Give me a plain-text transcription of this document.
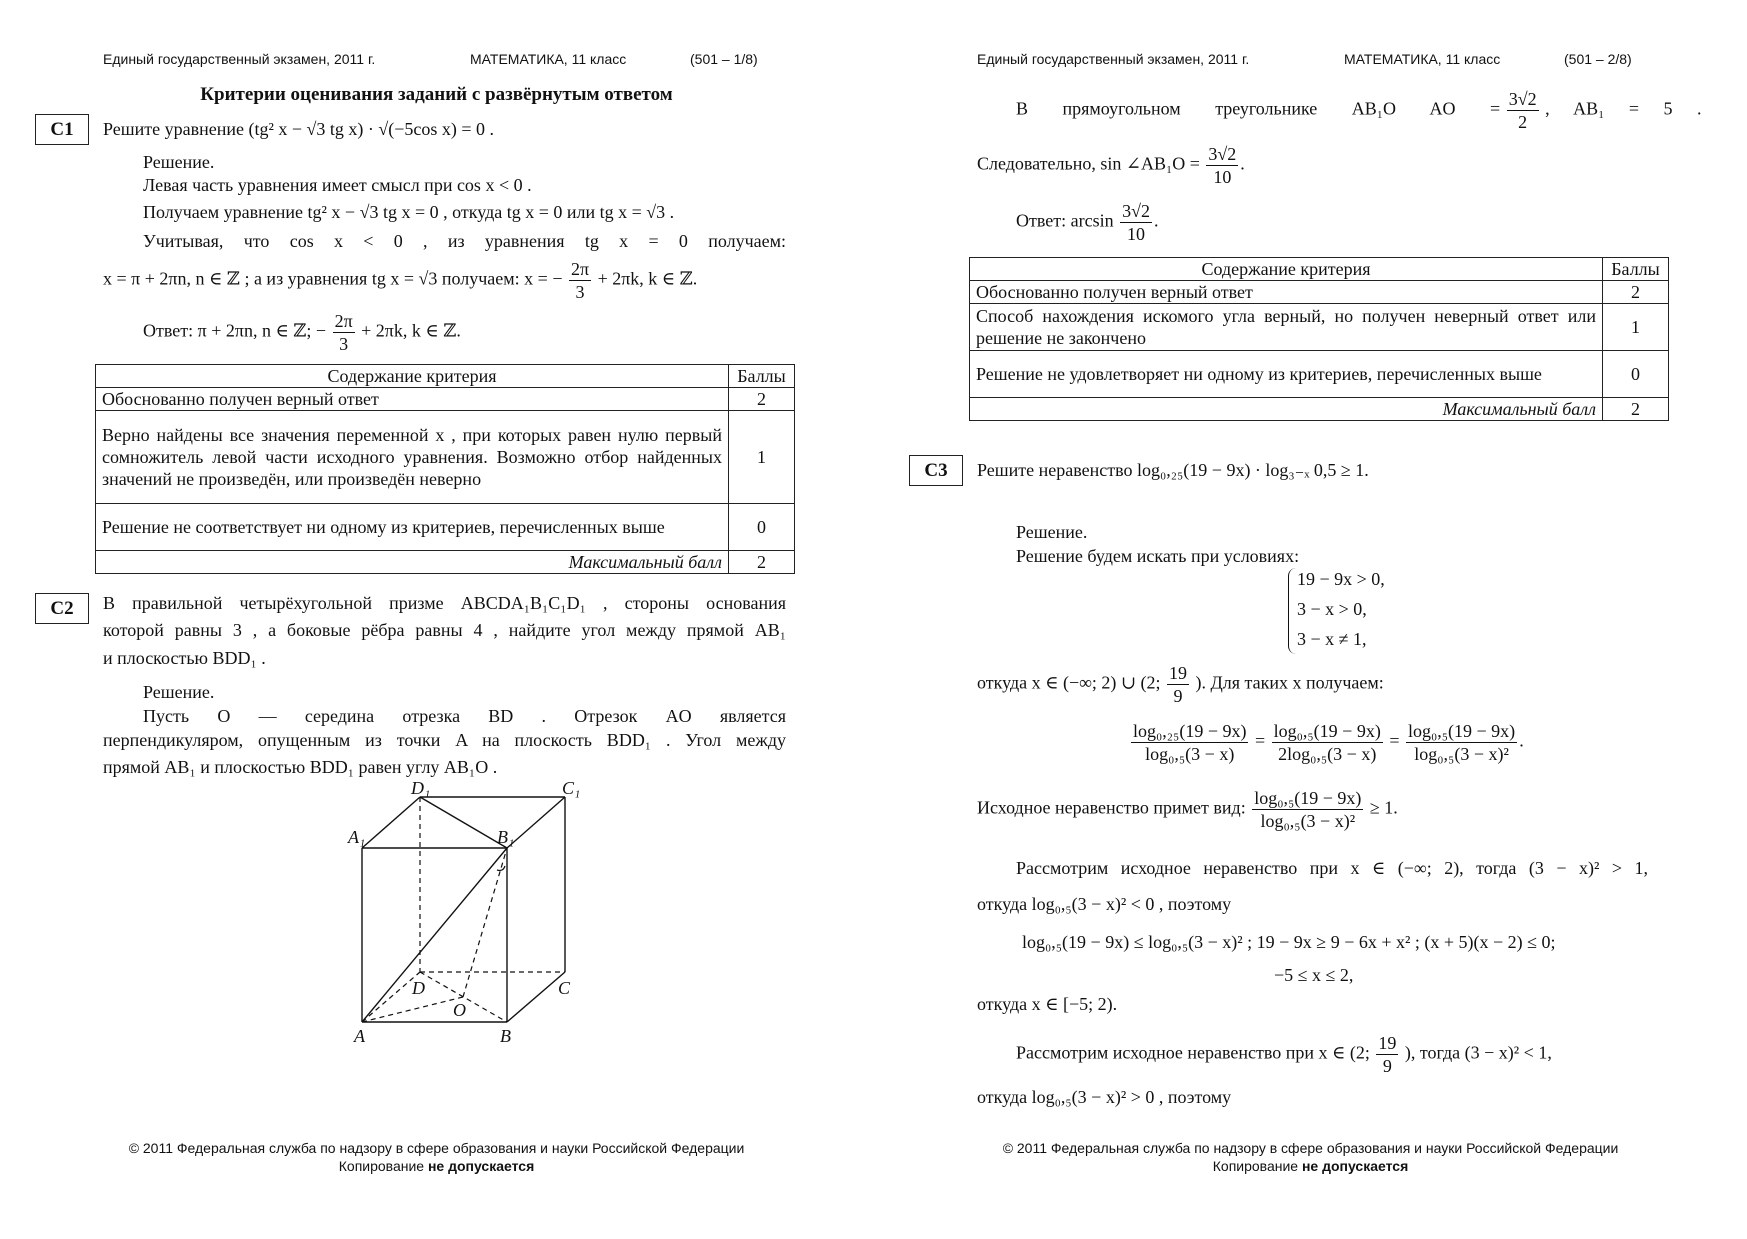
Единый государственный экзамен, 2011 г.	МАТЕМАТИКА, 11 класс	(501 – 1/8)
Критерии оценивания заданий с развёрнутым ответом
C1	Решите уравнение (tg² x − √3 tg x) · √(−5cos x) = 0 .
Решение.
Левая часть уравнения имеет смысл при cos x < 0 .
Получаем уравнение tg² x − √3 tg x = 0 , откуда tg x = 0 или tg x = √3 .
Учитывая, что cos x < 0 , из уравнения tg x = 0 получаем:
x = π + 2πn, n ∈ ℤ ; а из уравнения tg x = √3 получаем: x = − $\frac{2\pi}{3} + 2\pi k$, k ∈ ℤ.
Ответ: π + 2πn, n ∈ ℤ; − $\frac{2\pi}{3} + 2\pi k$, k ∈ ℤ.
Содержание критерия	Баллы
Обоснованно получен верный ответ	2
Верно найдены все значения переменной x , при которых равен нулю первый сомножитель левой части исходного уравнения. Возможно отбор найденных значений не произведён, или произведён неверно	1
Решение не соответствует ни одному из критериев, перечисленных выше	0
Максимальный балл	2
C2	В правильной четырёхугольной призме ABCDA₁B₁C₁D₁ , стороны основания
которой равны 3 , а боковые рёбра равны 4 , найдите угол между прямой AB₁
и плоскостью BDD₁ .
Решение.
Пусть O — середина отрезка BD . Отрезок AO является
перпендикуляром, опущенным из точки A на плоскость BDD₁ . Угол между
прямой AB₁ и плоскостью BDD₁ равен углу AB₁O .
D₁	C₁
A₁	B₁
D	C
O
A	B
© 2011 Федеральная служба по надзору в сфере образования и науки Российской Федерации
Копирование не допускается
Единый государственный экзамен, 2011 г.	МАТЕМАТИКА, 11 класс	(501 – 2/8)
В прямоугольном треугольнике AB₁O AO = $\frac{3√2}{2}$ , AB₁ = 5 .
Следовательно, sin ∠AB₁O = $\frac{3√2}{10}$ .
Ответ: $\arcsin \frac{3√2}{10}$ .
Содержание критерия	Баллы
Обоснованно получен верный ответ	2
Способ нахождения искомого угла верный, но получен неверный ответ или решение не закончено	1
Решение не удовлетворяет ни одному из критериев, перечисленных выше	0
Максимальный балл	2
C3	Решите неравенство log₀,₂₅(19 − 9x) · log₃₋ₓ 0,5 ≥ 1.
Решение.
Решение будем искать при условиях:
19 − 9x > 0,
3 − x > 0,
3 − x ≠ 1,
откуда x ∈ (−∞; 2) ∪ (2; $\frac{19}{9}$ ). Для таких x получаем:
$\frac{\text{log₀,₂₅(19 − 9x)}}{\text{log₀,₅(3 − x)}} = \frac{\text{log₀,₅(19 − 9x)}}{\text{2log₀,₅(3 − x)}} = \frac{\text{log₀,₅(19 − 9x)}}{\text{log₀,₅(3 − x)²}}$ .
Исходное неравенство примет вид: $\frac{\text{log₀,₅(19 − 9x)}}{\text{log₀,₅(3 − x)²}} \ge 1$.
Рассмотрим исходное неравенство при x ∈ (−∞; 2), тогда (3 − x)² > 1,
откуда log₀,₅(3 − x)² < 0 , поэтому
log₀,₅(19 − 9x) ≤ log₀,₅(3 − x)² ; 19 − 9x ≥ 9 − 6x + x² ; (x + 5)(x − 2) ≤ 0;
−5 ≤ x ≤ 2,
откуда x ∈ [−5; 2).
Рассмотрим исходное неравенство при x ∈ (2; $\frac{19}{9}$ ), тогда (3 − x)² < 1,
откуда log₀,₅(3 − x)² > 0 , поэтому
© 2011 Федеральная служба по надзору в сфере образования и науки Российской Федерации
Копирование не допускается
